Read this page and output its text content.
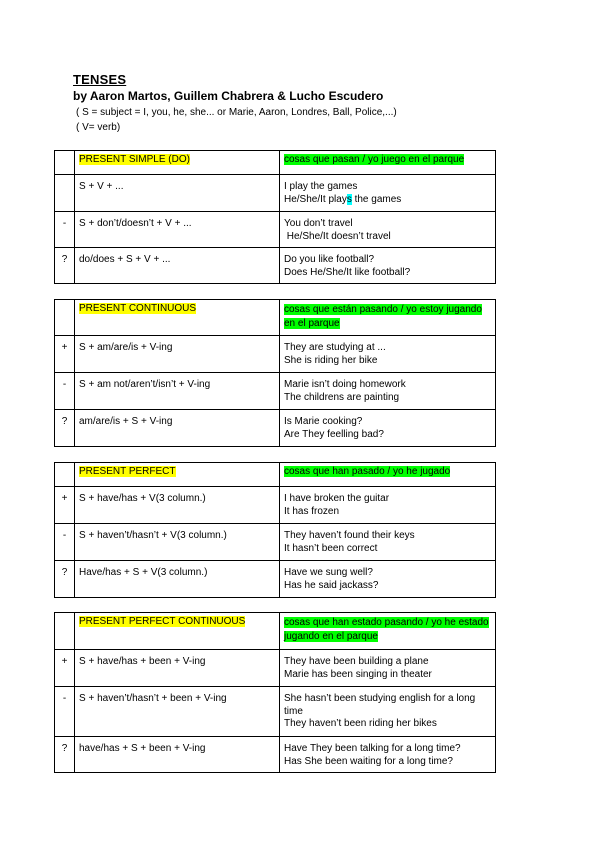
TENSES
by Aaron Martos, Guillem Chabrera & Lucho Escudero
( S = subject = I, you, he, she... or Marie, Aaron, Londres, Ball, Police,...)
( V= verb)
	PRESENT SIMPLE (DO)	cosas que pasan / yo juego en el parque
	S + V + ...	I play the games
He/She/It plays the games

-	S + don’t/doesn’t + V + ...	You don’t travel
He/She/It doesn’t travel

?	do/does + S + V + ...	Do you like football?
Does He/She/It like football?
	PRESENT CONTINUOUS	cosas que están pasando / yo estoy jugando en el parque
+	S + am/are/is + V-ing	They are studying at ...
She is riding her bike

-	S + am not/aren’t/isn’t + V-ing	Marie isn’t doing homework
The childrens are painting

?	am/are/is + S + V-ing	Is Marie cooking?
Are They feelling bad?
	PRESENT PERFECT	cosas que han pasado / yo he jugado
+	S + have/has + V(3 column.)	I have broken the guitar
It has frozen

-	S + haven’t/hasn’t + V(3 column.)	They haven’t found their keys
It hasn’t been correct

?	Have/has + S + V(3 column.)	Have we sung well?
Has he said jackass?
	PRESENT PERFECT CONTINUOUS	cosas que han estado pasando / yo he estado jugando en el parque
+	S + have/has + been + V-ing	They have been building a plane
Marie has been singing in theater

-	S + haven’t/hasn’t + been + V-ing	She hasn’t been studying english for a long time
They haven’t been riding her bikes

?	have/has + S + been + V-ing	Have They been talking for a long time?
Has She been waiting for a long time?
